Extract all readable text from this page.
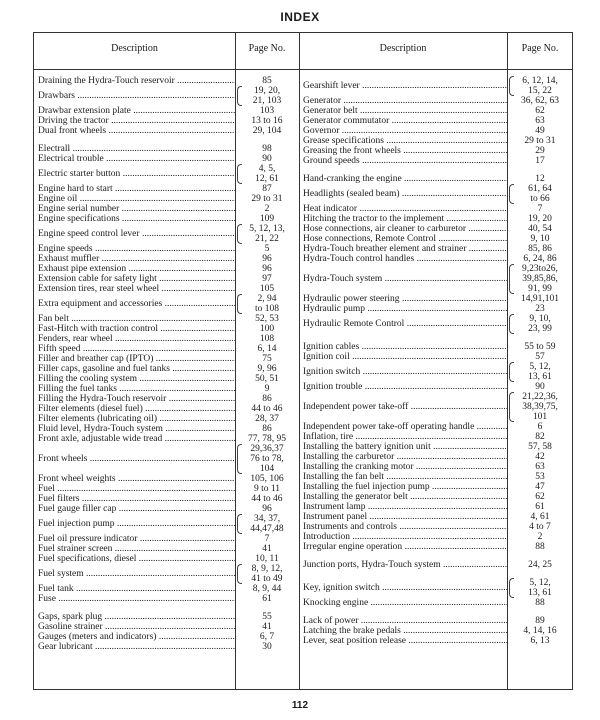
INDEX
Description	Page No.	Description	Page No.
Draining the Hydra-Touch reservoir .....	85
Drawbars .....	19, 20,
21, 103
Drawbar extension plate .....	103
Driving the tractor .....	13 to 16
Dual front wheels .....	29, 104
Electrall .....	98
Electrical trouble .....	90
Electric starter button .....	4, 5,
12, 61
Engine hard to start .....	87
Engine oil .....	29 to 31
Engine serial number .....	2
Engine specifications .....	109
Engine speed control lever .....	5, 12, 13,
21, 22
Engine speeds .....	5
Exhaust muffler .....	96
Exhaust pipe extension .....	96
Extension cable for safety light .....	97
Extension tires, rear steel wheel .....	105
Extra equipment and accessories .....	2, 94
to 108
Fan belt .....	52, 53
Fast-Hitch with traction control .....	100
Fenders, rear wheel .....	108
Fifth speed .....	6, 14
Filler and breather cap (IPTO) .....	75
Filler caps, gasoline and fuel tanks .....	9, 96
Filling the cooling system .....	50, 51
Filling the fuel tanks .....	9
Filling the Hydra-Touch reservoir .....	86
Filter elements (diesel fuel) .....	44 to 46
Filter elements (lubricating oil) .....	28, 37
Fluid level, Hydra-Touch system .....	86
Front axle, adjustable wide tread .....	77, 78, 95
Front wheels .....
29,36,37
76 to 78,
104
Front wheel weights .....	105, 106
Fuel .....	9 to 11
Fuel filters .....	44 to 46
Fuel gauge filler cap .....	96
Fuel injection pump .....	34, 37,
44,47,48
Fuel oil pressure indicator .....	7
Fuel strainer screen .....	41
Fuel specifications, diesel .....	10, 11
Fuel system .....	8, 9, 12,
41 to 49
Fuel tank .....	8, 9, 44
Fuse .....	61
Gaps, spark plug .....	55
Gasoline strainer .....	41
Gauges (meters and indicators) .....	6, 7
Gear lubricant .....	30
Gearshift lever .....	6, 12, 14,
15, 22
Generator .....	36, 62, 63
Generator belt .....	62
Generator commutator .....	63
Governor .....	49
Grease specifications .....	29 to 31
Greasing the front wheels .....	29
Ground speeds .....	17
Hand-cranking the engine .....	12
Headlights (sealed beam) .....	61, 64
to 66
Heat indicator .....	7
Hitching the tractor to the implement .....	19, 20
Hose connections, air cleaner to carburetor .....	40, 54
Hose connections, Remote Control .....	9, 10
Hydra-Touch breather element and strainer .....	85, 86
Hydra-Touch control handles .....	6, 24, 86
Hydra-Touch system .....
9,23to26,
39,85,86,
91, 99
Hydraulic power steering .....	14,91,101
Hydraulic pump .....	23
Hydraulic Remote Control .....	9, 10,
23, 99
Ignition cables .....	55 to 59
Ignition coil .....	57
Ignition switch .....	5, 12,
13, 61
Ignition trouble .....	90
Independent power take-off .....
21,22,36,
38,39,75,
101
Independent power take-off operating handle .....	6
Inflation, tire .....	82
Installing the battery ignition unit .....	57, 58
Installing the carburetor .....	42
Installing the cranking motor .....	63
Installing the fan belt .....	53
Installing the fuel injection pump .....	47
Installing the generator belt .....	62
Instrument lamp .....	61
Instrument panel .....	4, 61
Instruments and controls .....	4 to 7
Introduction .....	2
Irregular engine operation .....	88
Junction ports, Hydra-Touch system .....	24, 25
Key, ignition switch .....	5, 12,
13, 61
Knocking engine .....	88
Lack of power .....	89
Latching the brake pedals .....	4, 14, 16
Lever, seat position release .....	6, 13
112
